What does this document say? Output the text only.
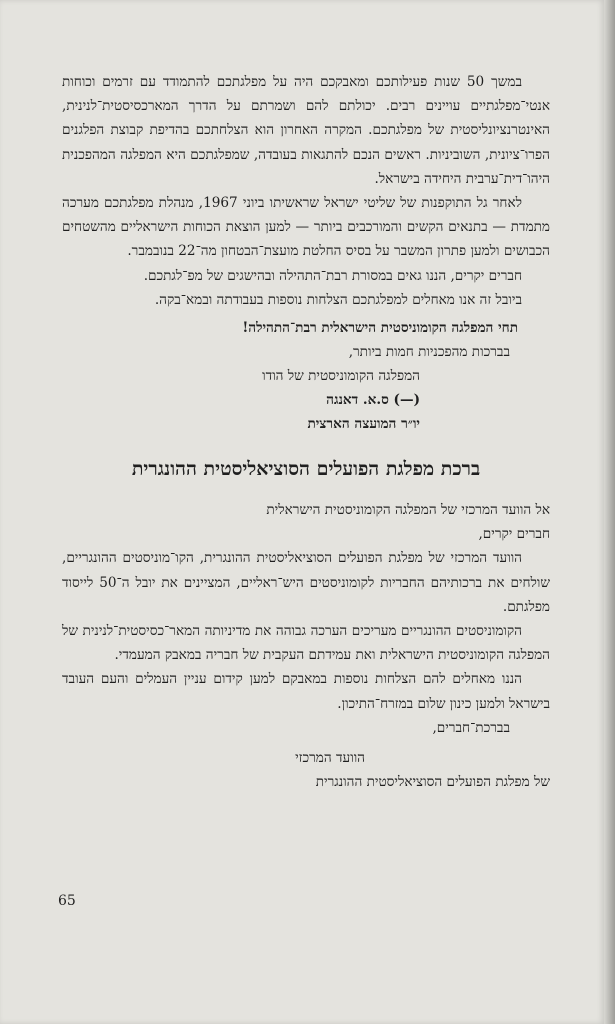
במשך 50 שנות פעילותכם ומאבקכם היה על מפלגתכם להתמודד עם זרמים וכוחות אנטי־מפלגתיים עויינים רבים. יכולתם להם ושמרתם על הדרך המארכסיסטית־לנינית, האינטרנציונליסטית של מפלגתכם. המקרה האחרון הוא הצלחתכם בהדיפת קבוצת הפלגנים הפרו־ציונית, השוביניות. ראשים הנכם להתגאות בעובדה, שמפלגתכם היא המפלגה המהפכנית היהו־דית־ערבית היחידה בישראל.

לאחר גל התוקפנות של שליטי ישראל שראשיתו ביוני 1967, מנהלת מפלגתכם מערכה מתמדת — בתנאים הקשים והמורכבים ביותר — למען הוצאת הכוחות הישראליים מהשטחים הכבושים ולמען פתרון המשבר על בסיס החלטת מועצת־הבטחון מה־22 בנובמבר.

חברים יקרים, הננו גאים במסורת רבת־התהילה ובהישגים של מפ־לגתכם.

ביובל זה אנו מאחלים למפלגתכם הצלחות נוספות בעבודתה ובמא־בקה.

תחי המפלגה הקומוניסטית הישראלית רבת־התהילה!
בברכות מהפכניות חמות ביותר,
המפלגה הקומוניסטית של הודו
(—) ס.א. דאנגה
יו״ר המועצה הארצית
ברכת מפלגת הפועלים הסוציאליסטית ההונגרית

אל הוועד המרכזי של המפלגה הקומוניסטית הישראלית

חברים יקרים,

הוועד המרכזי של מפלגת הפועלים הסוציאליסטית ההונגרית, הקו־מוניסטים ההונגריים, שולחים את ברכותיהם החבריות לקומוניסטים היש־ראליים, המציינים את יובל ה־50 לייסוד מפלגתם.

הקומוניסטים ההונגריים מעריכים הערכה גבוהה את מדיניותה המאר־כסיסטית־לנינית של המפלגה הקומוניסטית הישראלית ואת עמידתם העקבית של חבריה במאבק המעמדי.

הננו מאחלים להם הצלחות נוספות במאבקם למען קידום עניין העמלים והעם העובד בישראל ולמען כינון שלום במזרח־התיכון.

בברכת־חברים,
הוועד המרכזי
של מפלגת הפועלים הסוציאליסטית ההונגרית
65
